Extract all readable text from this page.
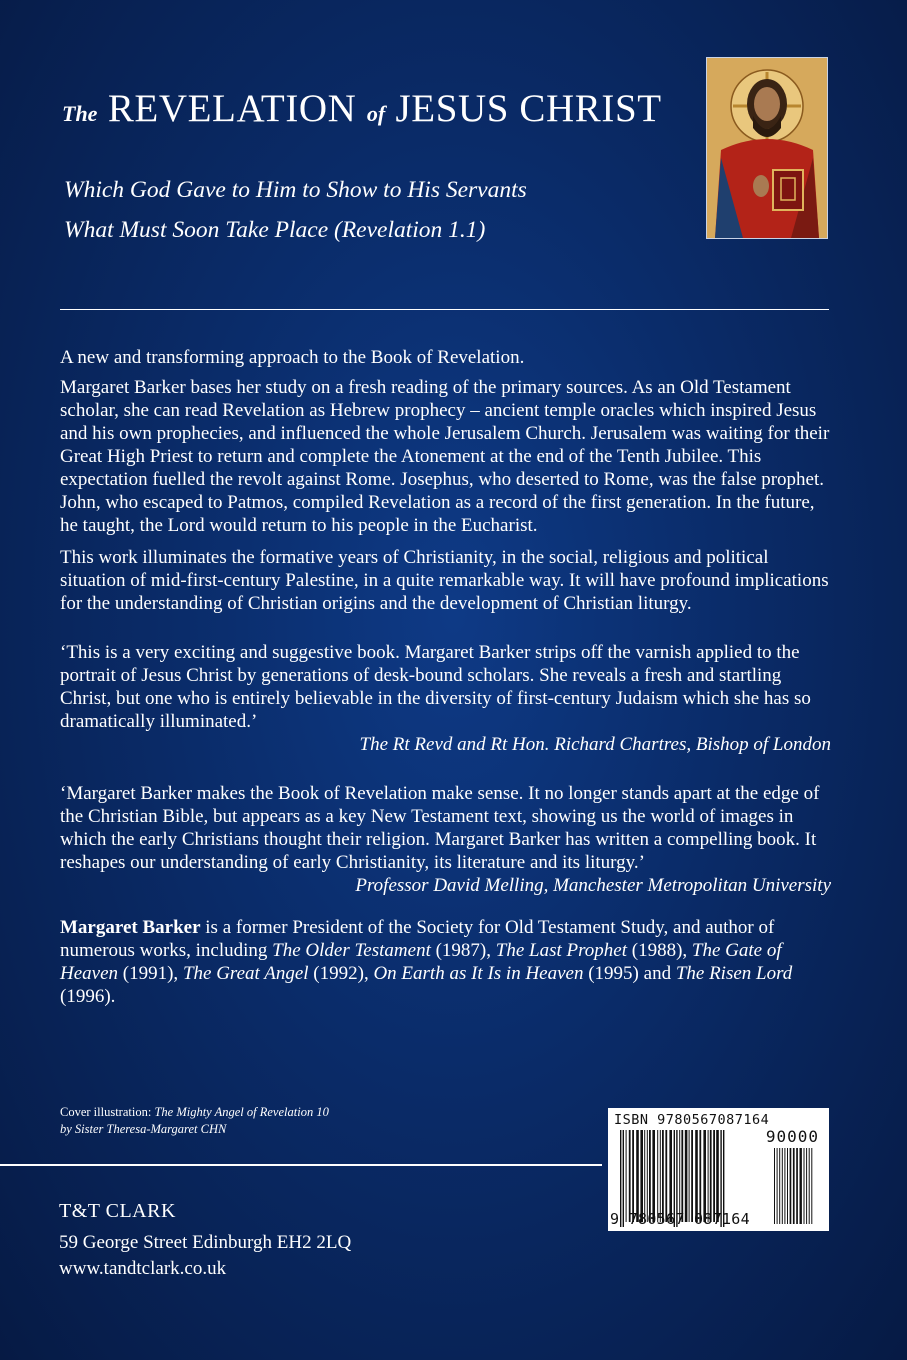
The REVELATION of JESUS CHRIST
Which God Gave to Him to Show to His Servants
What Must Soon Take Place (Revelation 1.1)

A new and transforming approach to the Book of Revelation.

Margaret Barker bases her study on a fresh reading of the primary sources. As an Old Testament scholar, she can read Revelation as Hebrew prophecy – ancient temple oracles which inspired Jesus and his own prophecies, and influenced the whole Jerusalem Church. Jerusalem was waiting for their Great High Priest to return and complete the Atonement at the end of the Tenth Jubilee. This expectation fuelled the revolt against Rome. Josephus, who deserted to Rome, was the false prophet. John, who escaped to Patmos, compiled Revelation as a record of the first generation. In the future, he taught, the Lord would return to his people in the Eucharist.

This work illuminates the formative years of Christianity, in the social, religious and political situation of mid-first-century Palestine, in a quite remarkable way. It will have profound implications for the understanding of Christian origins and the development of Christian liturgy.

‘This is a very exciting and suggestive book. Margaret Barker strips off the varnish applied to the portrait of Jesus Christ by generations of desk-bound scholars. She reveals a fresh and startling Christ, but one who is entirely believable in the diversity of first-century Judaism which she has so dramatically illuminated.’

The Rt Revd and Rt Hon. Richard Chartres, Bishop of London

‘Margaret Barker makes the Book of Revelation make sense. It no longer stands apart at the edge of the Christian Bible, but appears as a key New Testament text, showing us the world of images in which the early Christians thought their religion. Margaret Barker has written a compelling book. It reshapes our understanding of early Christianity, its literature and its liturgy.’

Professor David Melling, Manchester Metropolitan University

Margaret Barker is a former President of the Society for Old Testament Study, and author of numerous works, including The Older Testament (1987), The Last Prophet (1988), The Gate of Heaven (1991), The Great Angel (1992), On Earth as It Is in Heaven (1995) and The Risen Lord (1996).

Cover illustration: The Mighty Angel of Revelation 10
by Sister Theresa-Margaret CHN
T&T CLARK
59 George Street Edinburgh EH2 2LQ
www.tandtclark.co.uk
ISBN 9780567087164
90000
9 780567 087164
